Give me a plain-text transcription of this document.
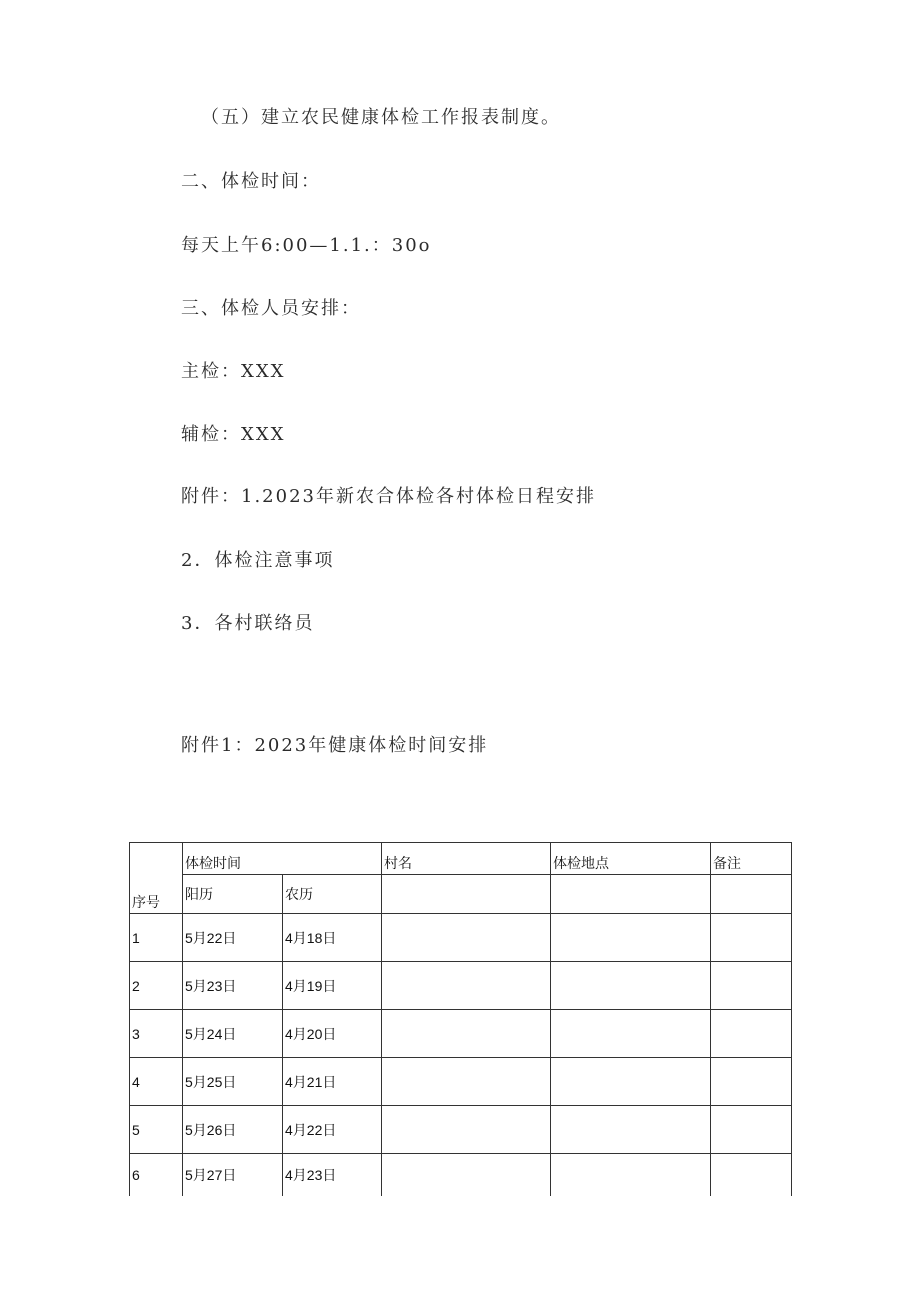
（五）建立农民健康体检工作报表制度。
二、体检时间：
每天上午6:00—1.1.：30o
三、体检人员安排：
主检：XXX
辅检：XXX
附件：1.2023年新农合体检各村体检日程安排
2．体检注意事项
3．各村联络员
附件1：2023年健康体检时间安排
序号	体检时间		村名	体检地点	备注
	阳历	农历			
1	5月22日	4月18日			
2	5月23日	4月19日			
3	5月24日	4月20日			
4	5月25日	4月21日			
5	5月26日	4月22日			
6	5月27日	4月23日			
